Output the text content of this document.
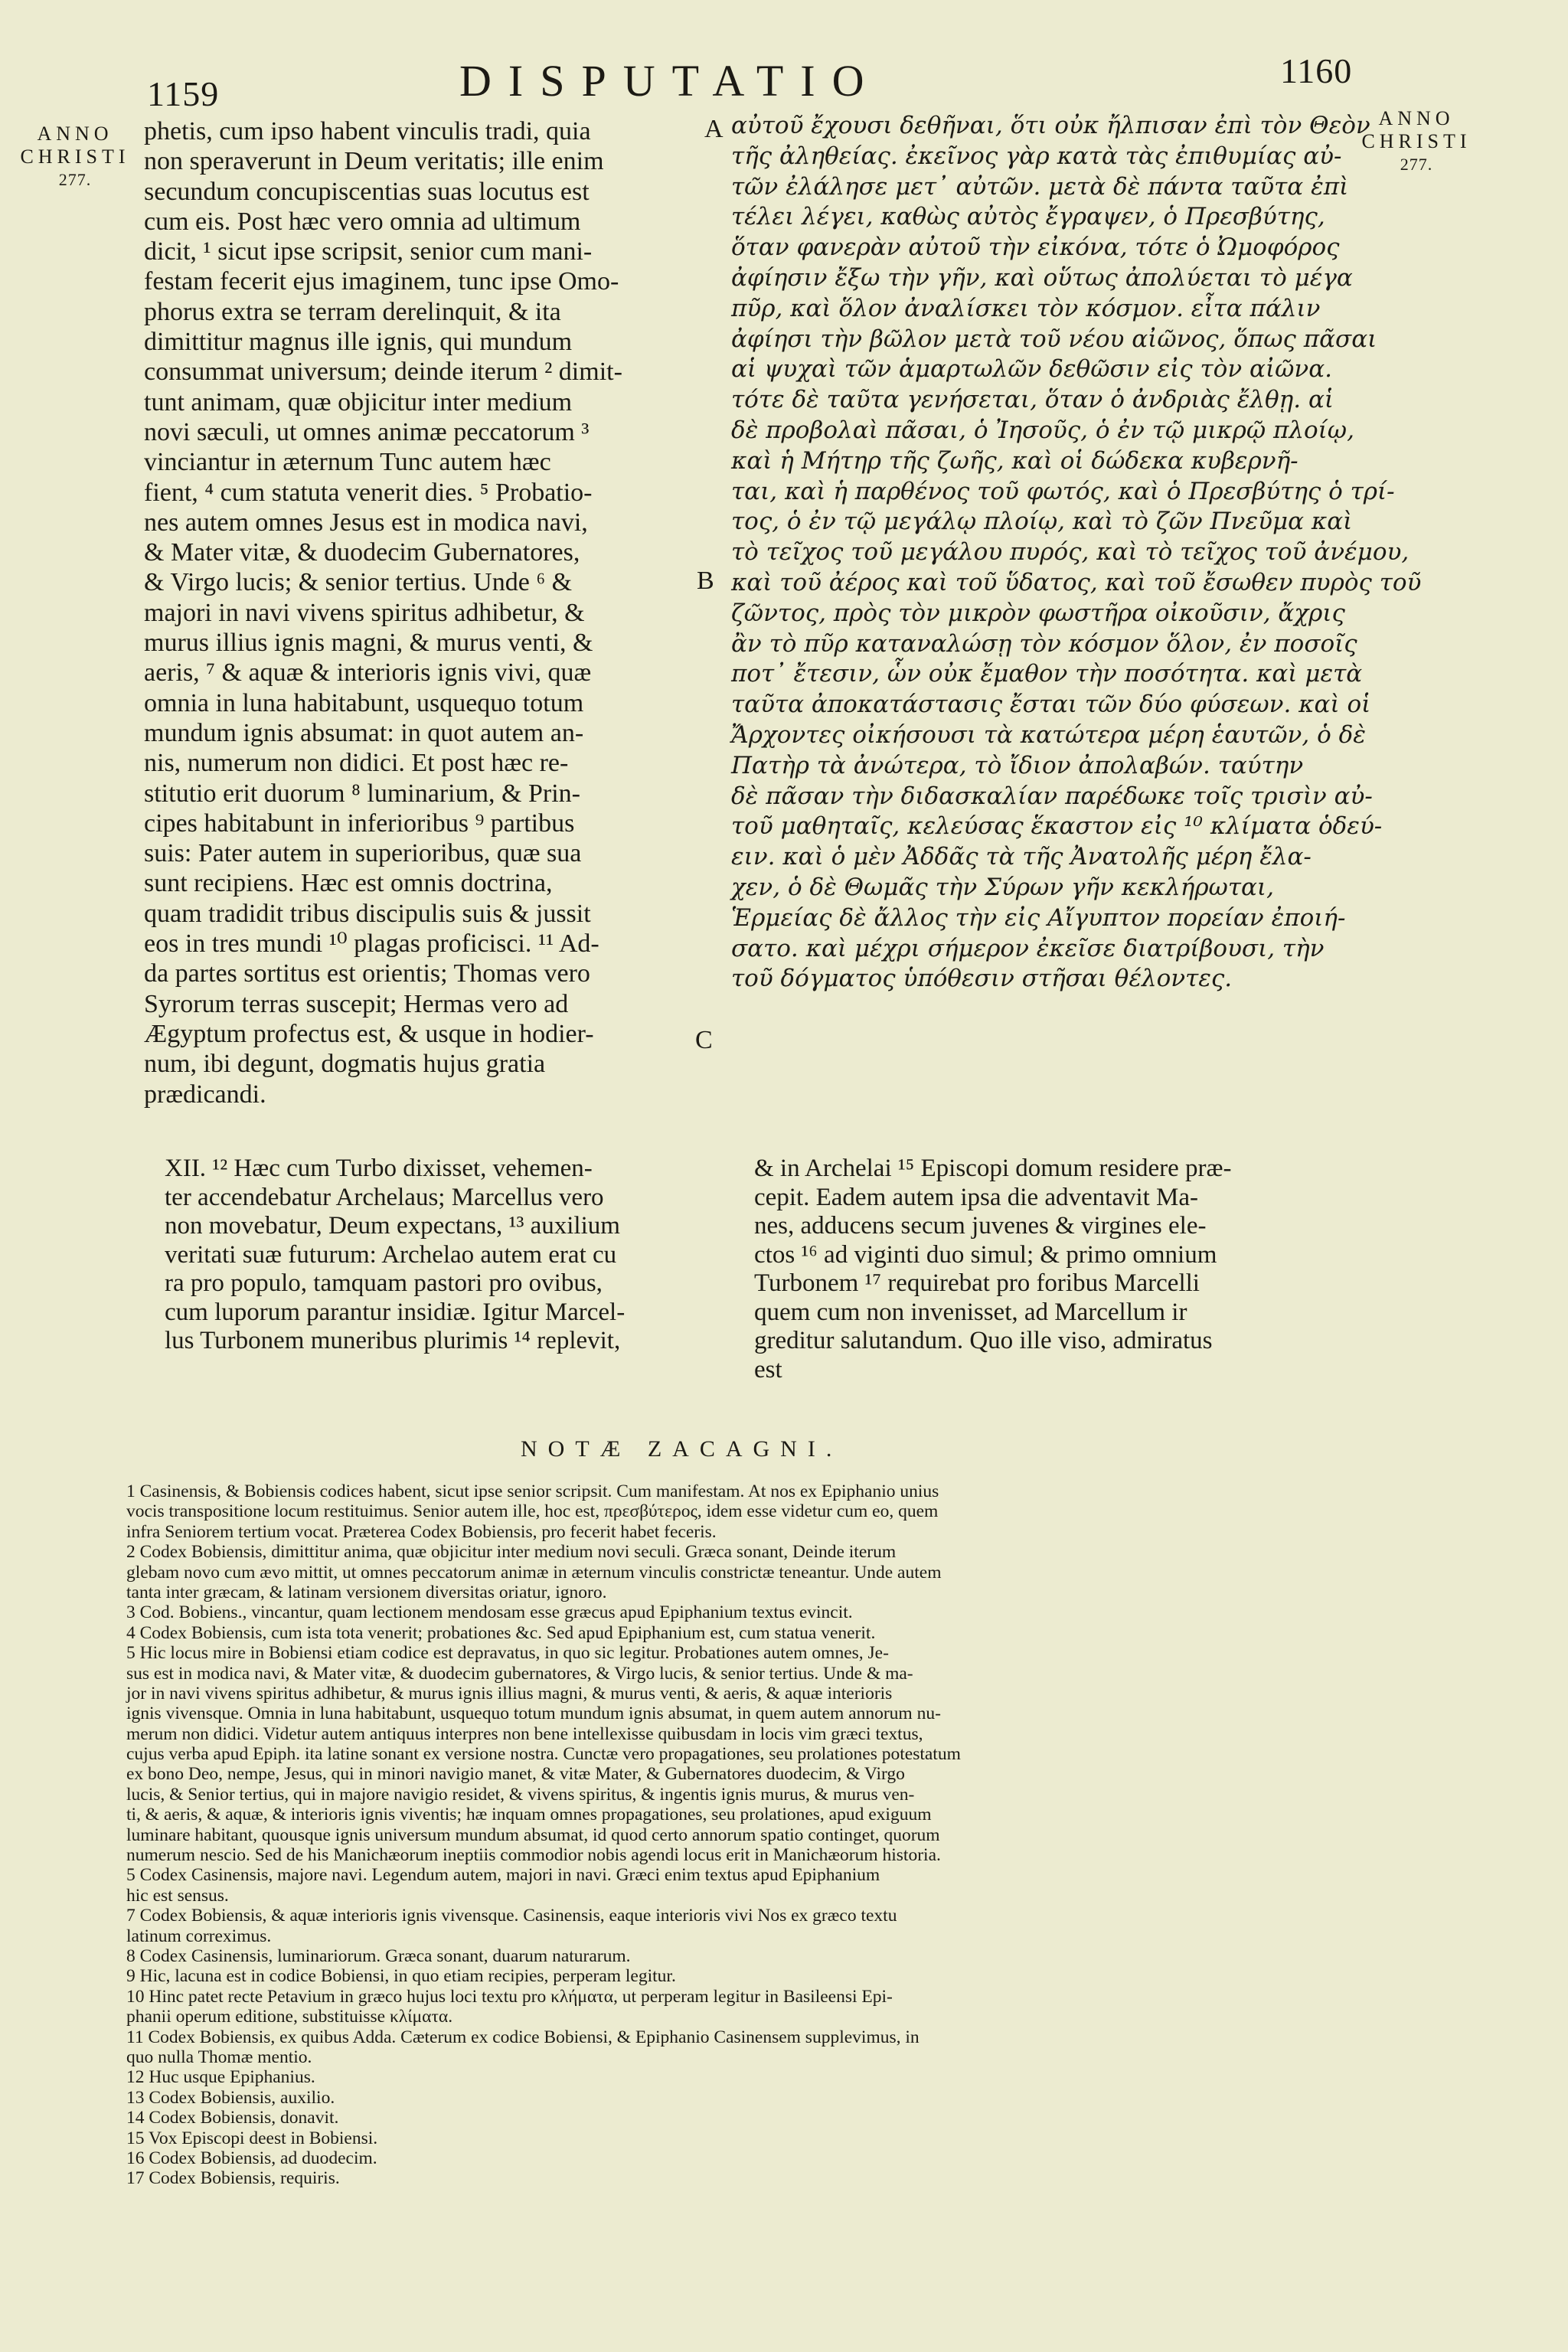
1159	DISPUTATIO	1160
ANNO
CHRISTI
277.
ANNO
CHRISTI
277.
A
B
C
phetis, cum ipso habent vinculis tradi, quia
non speraverunt in Deum veritatis; ille enim
secundum concupiscentias suas locutus est
cum eis. Post hæc vero omnia ad ultimum
dicit, ¹ sicut ipse scripsit, senior cum mani-
festam fecerit ejus imaginem, tunc ipse Omo-
phorus extra se terram derelinquit, & ita
dimittitur magnus ille ignis, qui mundum
consummat universum; deinde iterum ² dimit-
tunt animam, quæ objicitur inter medium
novi sæculi, ut omnes animæ peccatorum ³
vinciantur in æternum Tunc autem hæc
fient, ⁴ cum statuta venerit dies. ⁵ Probatio-
nes autem omnes Jesus est in modica navi,
& Mater vitæ, & duodecim Gubernatores,
& Virgo lucis; & senior tertius. Unde ⁶ &
majori in navi vivens spiritus adhibetur, &
murus illius ignis magni, & murus venti, &
aeris, ⁷ & aquæ & interioris ignis vivi, quæ
omnia in luna habitabunt, usquequo totum
mundum ignis absumat: in quot autem an-
nis, numerum non didici. Et post hæc re-
stitutio erit duorum ⁸ luminarium, & Prin-
cipes habitabunt in inferioribus ⁹ partibus
suis: Pater autem in superioribus, quæ sua
sunt recipiens. Hæc est omnis doctrina,
quam tradidit tribus discipulis suis & jussit
eos in tres mundi ¹⁰ plagas proficisci. ¹¹ Ad-
da partes sortitus est orientis; Thomas vero
Syrorum terras suscepit; Hermas vero ad
Ægyptum profectus est, & usque in hodier-
num, ibi degunt, dogmatis hujus gratia
prædicandi.
αὐτοῦ ἔχουσι δεθῆναι, ὅτι οὐκ ἤλπισαν ἐπὶ τὸν Θεὸν
τῆς ἀληθείας. ἐκεῖνος γὰρ κατὰ τὰς ἐπιθυμίας αὐ-
τῶν ἐλάλησε μετ᾽ αὐτῶν. μετὰ δὲ πάντα ταῦτα ἐπὶ
τέλει λέγει, καθὼς αὐτὸς ἔγραψεν, ὁ Πρεσβύτης,
ὅταν φανερὰν αὐτοῦ τὴν εἰκόνα, τότε ὁ Ὠμοφόρος
ἀφίησιν ἔξω τὴν γῆν, καὶ οὕτως ἀπολύεται τὸ μέγα
πῦρ, καὶ ὅλον ἀναλίσκει τὸν κόσμον. εἶτα πάλιν
ἀφίησι τὴν βῶλον μετὰ τοῦ νέου αἰῶνος, ὅπως πᾶσαι
αἱ ψυχαὶ τῶν ἁμαρτωλῶν δεθῶσιν εἰς τὸν αἰῶνα.
τότε δὲ ταῦτα γενήσεται, ὅταν ὁ ἀνδριὰς ἔλθῃ. αἱ
δὲ προβολαὶ πᾶσαι, ὁ Ἰησοῦς, ὁ ἐν τῷ μικρῷ πλοίῳ,
καὶ ἡ Μήτηρ τῆς ζωῆς, καὶ οἱ δώδεκα κυβερνῆ-
ται, καὶ ἡ παρθένος τοῦ φωτός, καὶ ὁ Πρεσβύτης ὁ τρί-
τος, ὁ ἐν τῷ μεγάλῳ πλοίῳ, καὶ τὸ ζῶν Πνεῦμα καὶ
τὸ τεῖχος τοῦ μεγάλου πυρός, καὶ τὸ τεῖχος τοῦ ἀνέμου,
καὶ τοῦ ἀέρος καὶ τοῦ ὕδατος, καὶ τοῦ ἔσωθεν πυρὸς τοῦ
ζῶντος, πρὸς τὸν μικρὸν φωστῆρα οἰκοῦσιν, ἄχρις
ἂν τὸ πῦρ καταναλώσῃ τὸν κόσμον ὅλον, ἐν ποσοῖς
ποτ᾽ ἔτεσιν, ὧν οὐκ ἔμαθον τὴν ποσότητα. καὶ μετὰ
ταῦτα ἀποκατάστασις ἔσται τῶν δύο φύσεων. καὶ οἱ
Ἄρχοντες οἰκήσουσι τὰ κατώτερα μέρη ἑαυτῶν, ὁ δὲ
Πατὴρ τὰ ἀνώτερα, τὸ ἴδιον ἀπολαβών. ταύτην
δὲ πᾶσαν τὴν διδασκαλίαν παρέδωκε τοῖς τρισὶν αὐ-
τοῦ μαθηταῖς, κελεύσας ἕκαστον εἰς ¹⁰ κλίματα ὁδεύ-
ειν. καὶ ὁ μὲν Ἀδδᾶς τὰ τῆς Ἀνατολῆς μέρη ἔλα-
χεν, ὁ δὲ Θωμᾶς τὴν Σύρων γῆν κεκλήρωται,
Ἑρμείας δὲ ἄλλος τὴν εἰς Αἴγυπτον πορείαν ἐποιή-
σατο. καὶ μέχρι σήμερον ἐκεῖσε διατρίβουσι, τὴν
τοῦ δόγματος ὑπόθεσιν στῆσαι θέλοντες.
XII. ¹² Hæc cum Turbo dixisset, vehemen-
ter accendebatur Archelaus; Marcellus vero
non movebatur, Deum expectans, ¹³ auxilium
veritati suæ futurum: Archelao autem erat cu
ra pro populo, tamquam pastori pro ovibus,
cum luporum parantur insidiæ. Igitur Marcel-
lus Turbonem muneribus plurimis ¹⁴ replevit,
& in Archelai ¹⁵ Episcopi domum residere præ-
cepit. Eadem autem ipsa die adventavit Ma-
nes, adducens secum juvenes & virgines ele-
ctos ¹⁶ ad viginti duo simul; & primo omnium
Turbonem ¹⁷ requirebat pro foribus Marcelli
quem cum non invenisset, ad Marcellum ir
greditur salutandum. Quo ille viso, admiratus
est
NOTÆ ZACAGNI.
1 Casinensis, & Bobiensis codices habent, sicut ipse senior scripsit. Cum manifestam. At nos ex Epiphanio unius
vocis transpositione locum restituimus. Senior autem ille, hoc est, πρεσβύτερος, idem esse videtur cum eo, quem
infra Seniorem tertium vocat. Præterea Codex Bobiensis, pro fecerit habet feceris.
2 Codex Bobiensis, dimittitur anima, quæ objicitur inter medium novi seculi. Græca sonant, Deinde iterum
glebam novo cum ævo mittit, ut omnes peccatorum animæ in æternum vinculis constrictæ teneantur. Unde autem
tanta inter græcam, & latinam versionem diversitas oriatur, ignoro.
3 Cod. Bobiens., vincantur, quam lectionem mendosam esse græcus apud Epiphanium textus evincit.
4 Codex Bobiensis, cum ista tota venerit; probationes &c. Sed apud Epiphanium est, cum statua venerit.
5 Hic locus mire in Bobiensi etiam codice est depravatus, in quo sic legitur. Probationes autem omnes, Je-
sus est in modica navi, & Mater vitæ, & duodecim gubernatores, & Virgo lucis, & senior tertius. Unde & ma-
jor in navi vivens spiritus adhibetur, & murus ignis illius magni, & murus venti, & aeris, & aquæ interioris
ignis vivensque. Omnia in luna habitabunt, usquequo totum mundum ignis absumat, in quem autem annorum nu-
merum non didici. Videtur autem antiquus interpres non bene intellexisse quibusdam in locis vim græci textus,
cujus verba apud Epiph. ita latine sonant ex versione nostra. Cunctæ vero propagationes, seu prolationes potestatum
ex bono Deo, nempe, Jesus, qui in minori navigio manet, & vitæ Mater, & Gubernatores duodecim, & Virgo
lucis, & Senior tertius, qui in majore navigio residet, & vivens spiritus, & ingentis ignis murus, & murus ven-
ti, & aeris, & aquæ, & interioris ignis viventis; hæ inquam omnes propagationes, seu prolationes, apud exiguum
luminare habitant, quousque ignis universum mundum absumat, id quod certo annorum spatio continget, quorum
numerum nescio. Sed de his Manichæorum ineptiis commodior nobis agendi locus erit in Manichæorum historia.
5 Codex Casinensis, majore navi. Legendum autem, majori in navi. Græci enim textus apud Epiphanium
hic est sensus.
7 Codex Bobiensis, & aquæ interioris ignis vivensque. Casinensis, eaque interioris vivi Nos ex græco textu
latinum correximus.
8 Codex Casinensis, luminariorum. Græca sonant, duarum naturarum.
9 Hic, lacuna est in codice Bobiensi, in quo etiam recipies, perperam legitur.
10 Hinc patet recte Petavium in græco hujus loci textu pro κλήματα, ut perperam legitur in Basileensi Epi-
phanii operum editione, substituisse κλίματα.
11 Codex Bobiensis, ex quibus Adda. Cæterum ex codice Bobiensi, & Epiphanio Casinensem supplevimus, in
quo nulla Thomæ mentio.
12 Huc usque Epiphanius.
13 Codex Bobiensis, auxilio.
14 Codex Bobiensis, donavit.
15 Vox Episcopi deest in Bobiensi.
16 Codex Bobiensis, ad duodecim.
17 Codex Bobiensis, requiris.
